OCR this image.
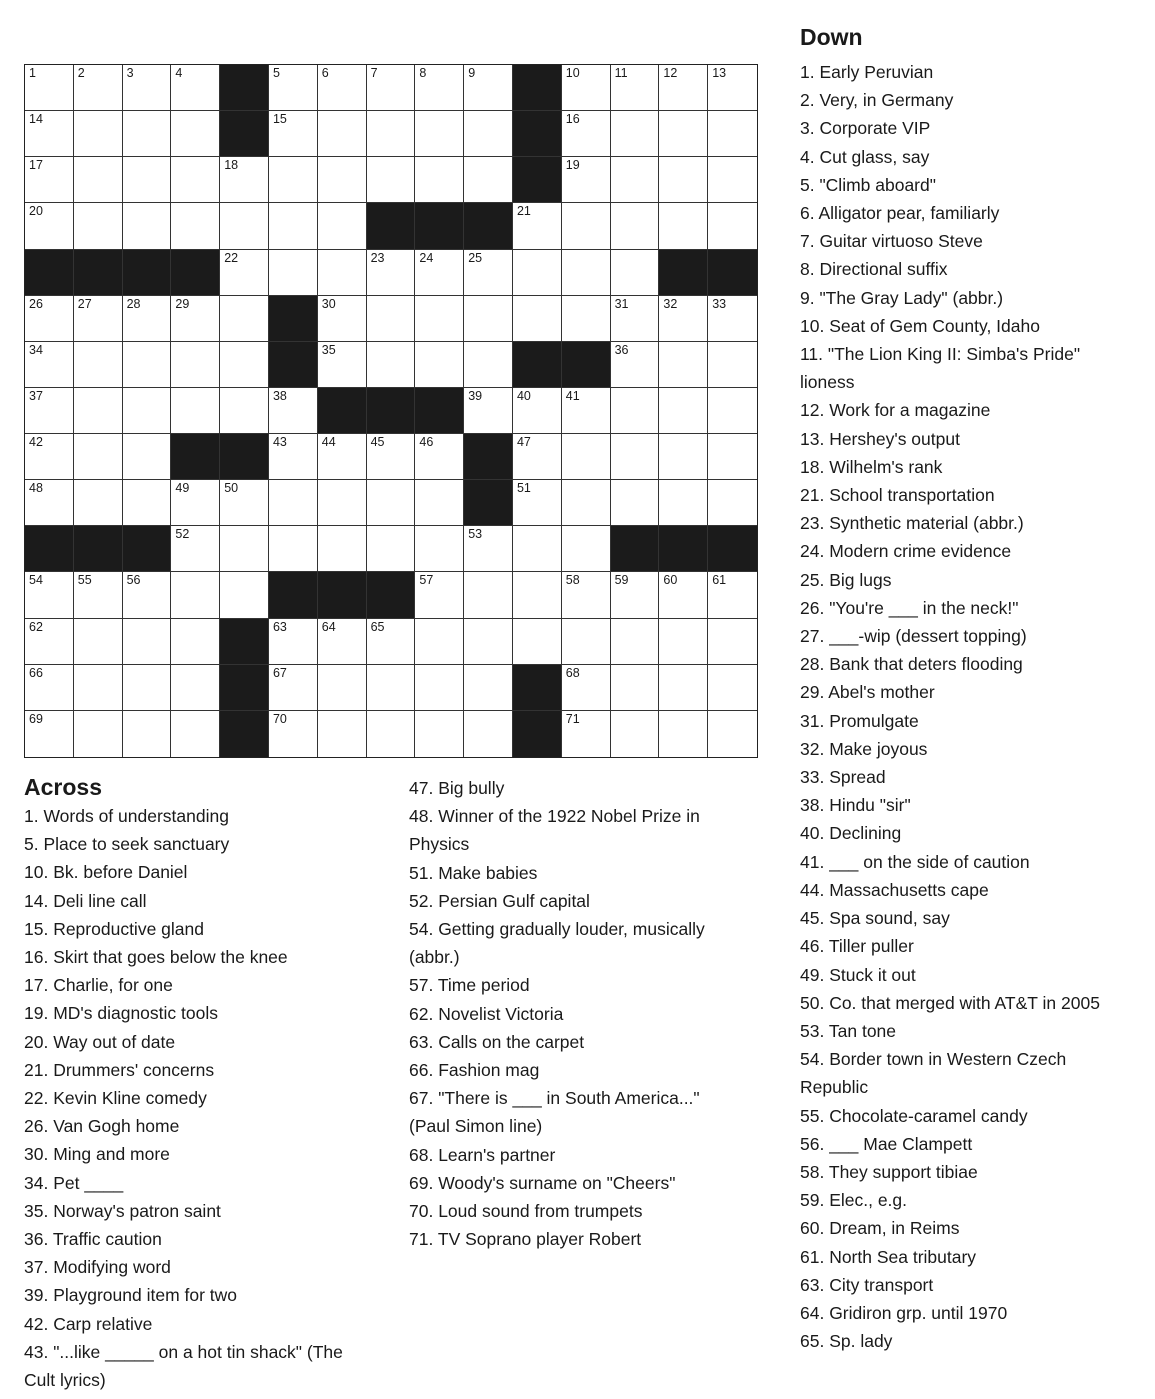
1	2	3	4	5	6	7	8	9	10	11	12	13
14	15	16
17	18	19
20	21
22	23	24	25
26	27	28	29	30	31	32	33
34	35	36
37	38	39	40	41
42	43	44	45	46	47
48	49	50	51
52	53
54	55	56	57	58	59	60	61
62	63	64	65
66	67	68
69	70	71
Down
1. Early Peruvian
2. Very, in Germany
3. Corporate VIP
4. Cut glass, say
5. "Climb aboard"
6. Alligator pear, familiarly
7. Guitar virtuoso Steve
8. Directional suffix
9. "The Gray Lady" (abbr.)
10. Seat of Gem County, Idaho
11. "The Lion King II: Simba's Pride"
lioness
12. Work for a magazine
13. Hershey's output
18. Wilhelm's rank
21. School transportation
23. Synthetic material (abbr.)
24. Modern crime evidence
25. Big lugs
26. "You're ___ in the neck!"
27. ___-wip (dessert topping)
28. Bank that deters flooding
29. Abel's mother
31. Promulgate
32. Make joyous
33. Spread
38. Hindu "sir"
40. Declining
41. ___ on the side of caution
44. Massachusetts cape
45. Spa sound, say
46. Tiller puller
49. Stuck it out
50. Co. that merged with AT&T in 2005
53. Tan tone
54. Border town in Western Czech
Republic
55. Chocolate-caramel candy
56. ___ Mae Clampett
58. They support tibiae
59. Elec., e.g.
60. Dream, in Reims
61. North Sea tributary
63. City transport
64. Gridiron grp. until 1970
65. Sp. lady
Across
1. Words of understanding
5. Place to seek sanctuary
10. Bk. before Daniel
14. Deli line call
15. Reproductive gland
16. Skirt that goes below the knee
17. Charlie, for one
19. MD's diagnostic tools
20. Way out of date
21. Drummers' concerns
22. Kevin Kline comedy
26. Van Gogh home
30. Ming and more
34. Pet ____
35. Norway's patron saint
36. Traffic caution
37. Modifying word
39. Playground item for two
42. Carp relative
43. "...like _____ on a hot tin shack" (The
Cult lyrics)
47. Big bully
48. Winner of the 1922 Nobel Prize in
Physics
51. Make babies
52. Persian Gulf capital
54. Getting gradually louder, musically
(abbr.)
57. Time period
62. Novelist Victoria
63. Calls on the carpet
66. Fashion mag
67. "There is ___ in South America..."
(Paul Simon line)
68. Learn's partner
69. Woody's surname on "Cheers"
70. Loud sound from trumpets
71. TV Soprano player Robert
